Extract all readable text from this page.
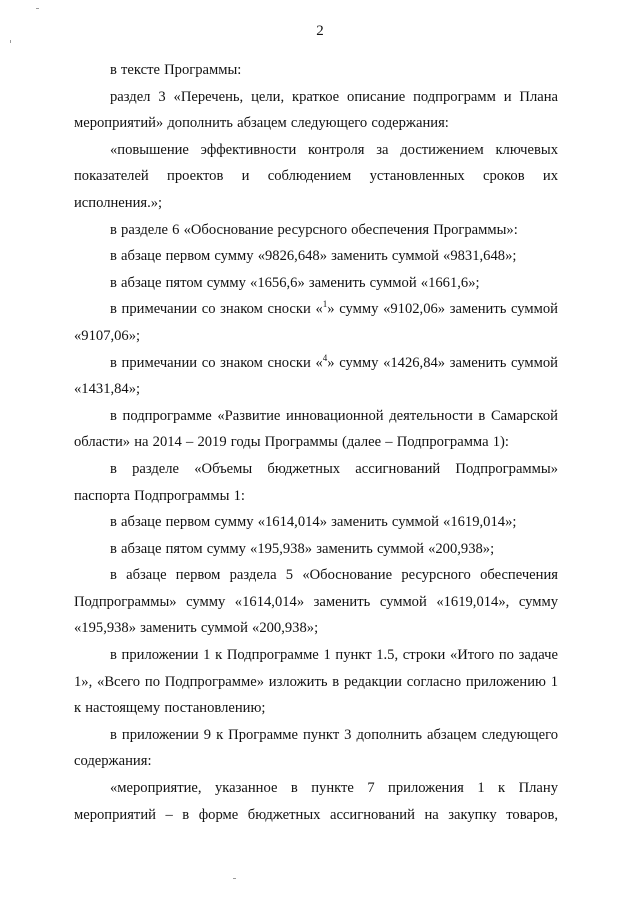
2

в тексте Программы:

раздел 3 «Перечень, цели, краткое описание подпрограмм и Плана мероприятий» дополнить абзацем следующего содержания:

«повышение эффективности контроля за достижением ключевых показателей проектов и соблюдением установленных сроков их исполнения.»;

в разделе 6 «Обоснование ресурсного обеспечения Программы»:

в абзаце первом сумму «9826,648» заменить суммой «9831,648»;

в абзаце пятом сумму «1656,6» заменить суммой «1661,6»;

в примечании со знаком сноски «$^1$» сумму «9102,06» заменить суммой «9107,06»;

в примечании со знаком сноски «$^4$» сумму «1426,84» заменить суммой «1431,84»;

в подпрограмме «Развитие инновационной деятельности в Самарской области» на 2014 – 2019 годы Программы (далее – Подпрограмма 1):

в разделе «Объемы бюджетных ассигнований Подпрограммы» паспорта Подпрограммы 1:

в абзаце первом сумму «1614,014» заменить суммой «1619,014»;

в абзаце пятом сумму «195,938» заменить суммой «200,938»;

в абзаце первом раздела 5 «Обоснование ресурсного обеспечения Подпрограммы» сумму «1614,014» заменить суммой «1619,014», сумму «195,938» заменить суммой «200,938»;

в приложении 1 к Подпрограмме 1 пункт 1.5, строки «Итого по задаче 1», «Всего по Подпрограмме» изложить в редакции согласно приложению 1 к настоящему постановлению;

в приложении 9 к Программе пункт 3 дополнить абзацем следующего содержания:

«мероприятие, указанное в пункте 7 приложения 1 к Плану мероприятий – в форме бюджетных ассигнований на закупку товаров,
